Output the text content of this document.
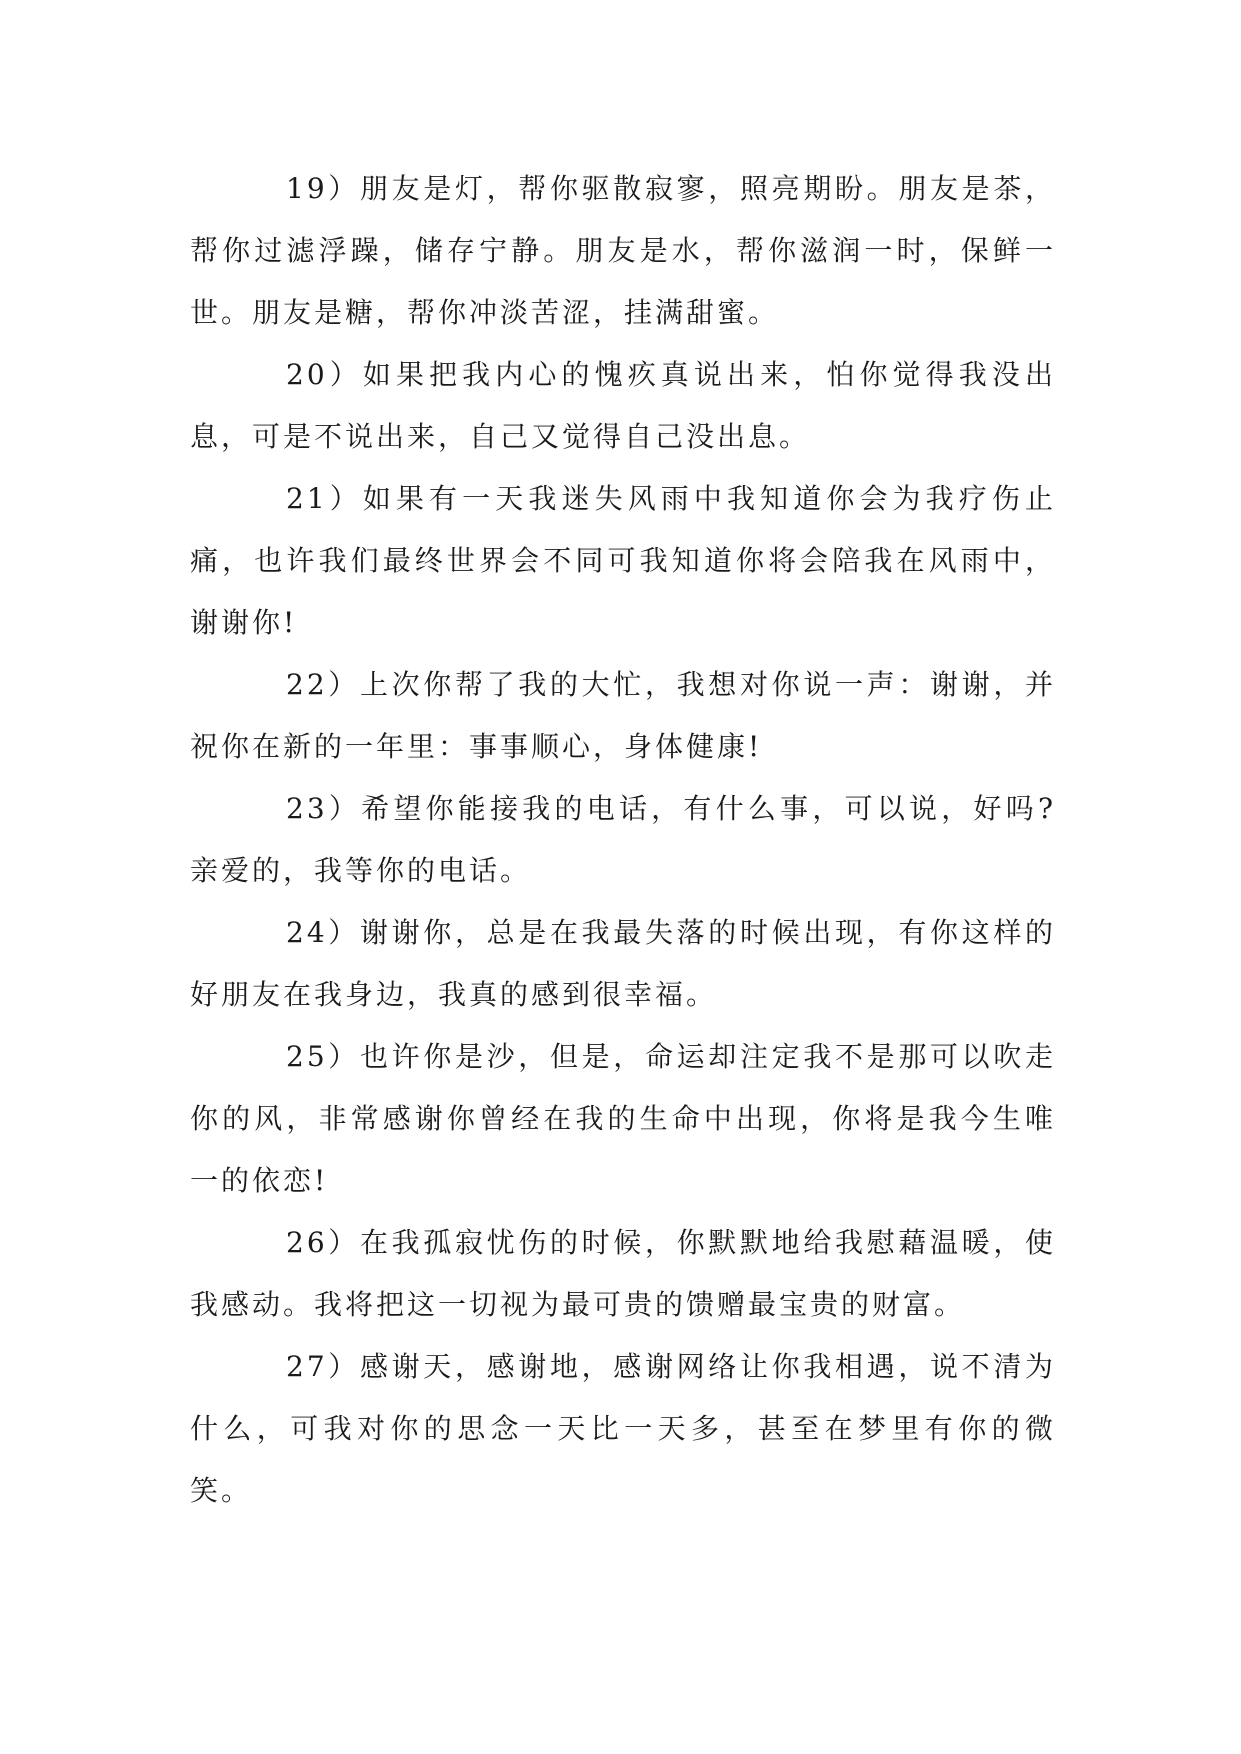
19）朋友是灯，帮你驱散寂寥，照亮期盼。朋友是茶，帮你过滤浮躁，储存宁静。朋友是水，帮你滋润一时，保鲜一世。朋友是糖，帮你冲淡苦涩，挂满甜蜜。

20）如果把我内心的愧疚真说出来，怕你觉得我没出息，可是不说出来，自己又觉得自己没出息。

21）如果有一天我迷失风雨中我知道你会为我疗伤止痛，也许我们最终世界会不同可我知道你将会陪我在风雨中，谢谢你!

22）上次你帮了我的大忙，我想对你说一声：谢谢，并祝你在新的一年里：事事顺心，身体健康!

23）希望你能接我的电话，有什么事，可以说，好吗?亲爱的，我等你的电话。

24）谢谢你，总是在我最失落的时候出现，有你这样的好朋友在我身边，我真的感到很幸福。

25）也许你是沙，但是，命运却注定我不是那可以吹走你的风，非常感谢你曾经在我的生命中出现，你将是我今生唯一的依恋!

26）在我孤寂忧伤的时候，你默默地给我慰藉温暖，使我感动。我将把这一切视为最可贵的馈赠最宝贵的财富。

27）感谢天，感谢地，感谢网络让你我相遇，说不清为什么，可我对你的思念一天比一天多，甚至在梦里有你的微笑。
